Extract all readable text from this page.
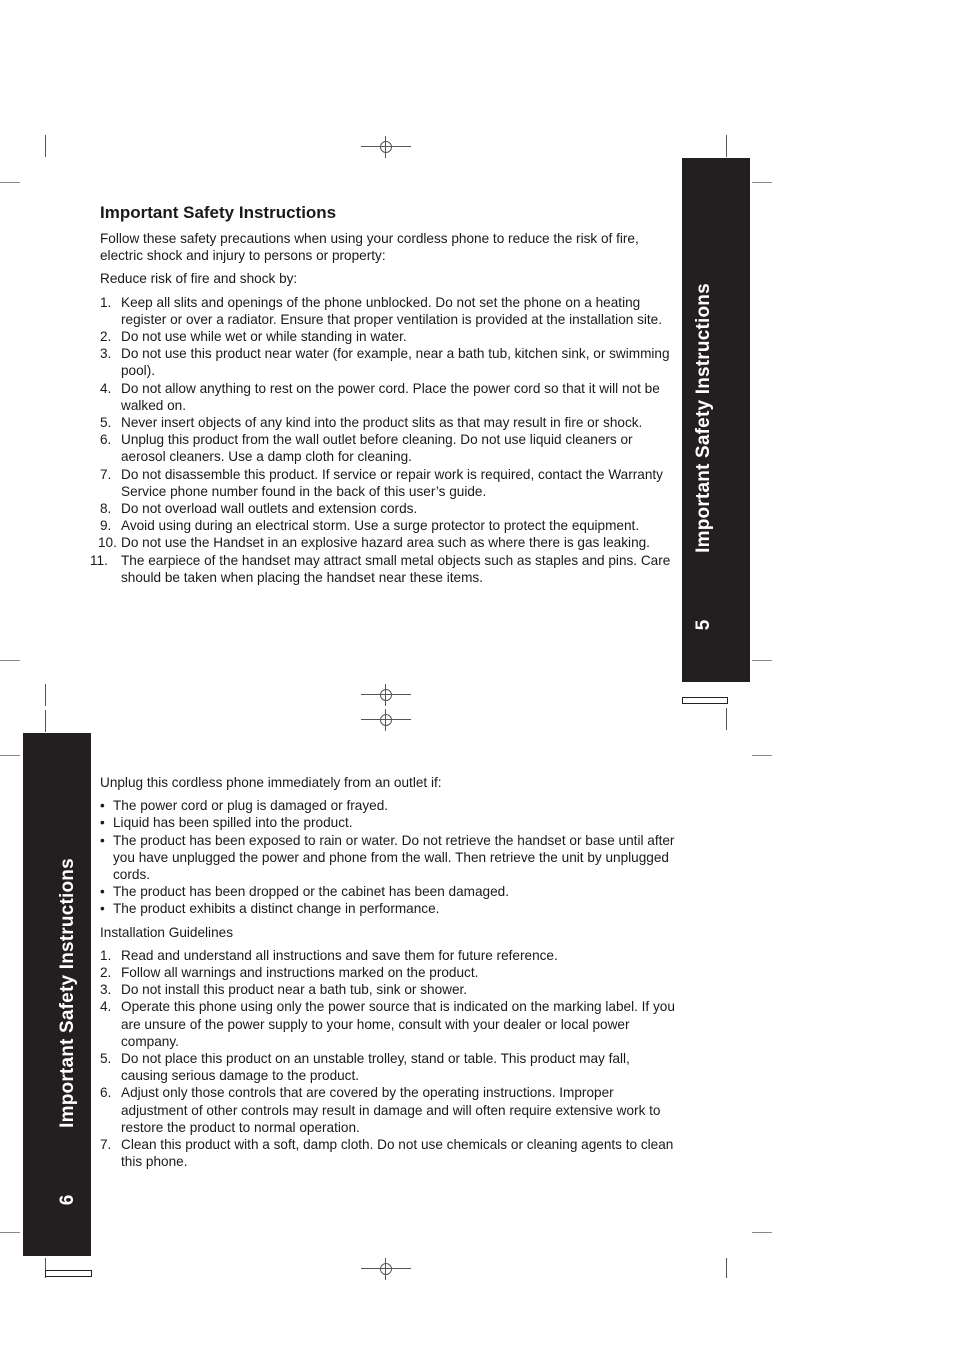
Important Safety Instructions
5
Important Safety Instructions

Follow these safety precautions when using your cordless phone to reduce the risk of fire, electric shock and injury to persons or property:

Reduce risk of fire and shock by:

1. Keep all slits and openings of the phone unblocked. Do not set the phone on a heating register or over a radiator. Ensure that proper ventilation is provided at the installation site.
2. Do not use while wet or while standing in water.
3. Do not use this product near water (for example, near a bath tub, kitchen sink, or swimming pool).
4. Do not allow anything to rest on the power cord. Place the power cord so that it will not be walked on.
5. Never insert objects of any kind into the product slits as that may result in fire or shock.
6. Unplug this product from the wall outlet before cleaning. Do not use liquid cleaners or aerosol cleaners. Use a damp cloth for cleaning.
7. Do not disassemble this product. If service or repair work is required, contact the Warranty Service phone number found in the back of this user’s guide.
8. Do not overload wall outlets and extension cords.
9. Avoid using during an electrical storm. Use a surge protector to protect the equipment.
10. Do not use the Handset in an explosive hazard area such as where there is gas leaking.
11. The earpiece of the handset may attract small metal objects such as staples and pins. Care should be taken when placing the handset near these items.
Important Safety Instructions
6

Unplug this cordless phone immediately from an outlet if:

• The power cord or plug is damaged or frayed.
• Liquid has been spilled into the product.
• The product has been exposed to rain or water. Do not retrieve the handset or base until after you have unplugged the power and phone from the wall. Then retrieve the unit by unplugged cords.
• The product has been dropped or the cabinet has been damaged.
• The product exhibits a distinct change in performance.

Installation Guidelines

1. Read and understand all instructions and save them for future reference.
2. Follow all warnings and instructions marked on the product.
3. Do not install this product near a bath tub, sink or shower.
4. Operate this phone using only the power source that is indicated on the marking label. If you are unsure of the power supply to your home, consult with your dealer or local power company.
5. Do not place this product on an unstable trolley, stand or table. This product may fall, causing serious damage to the product.
6. Adjust only those controls that are covered by the operating instructions. Improper adjustment of other controls may result in damage and will often require extensive work to restore the product to normal operation.
7. Clean this product with a soft, damp cloth. Do not use chemicals or cleaning agents to clean this phone.
